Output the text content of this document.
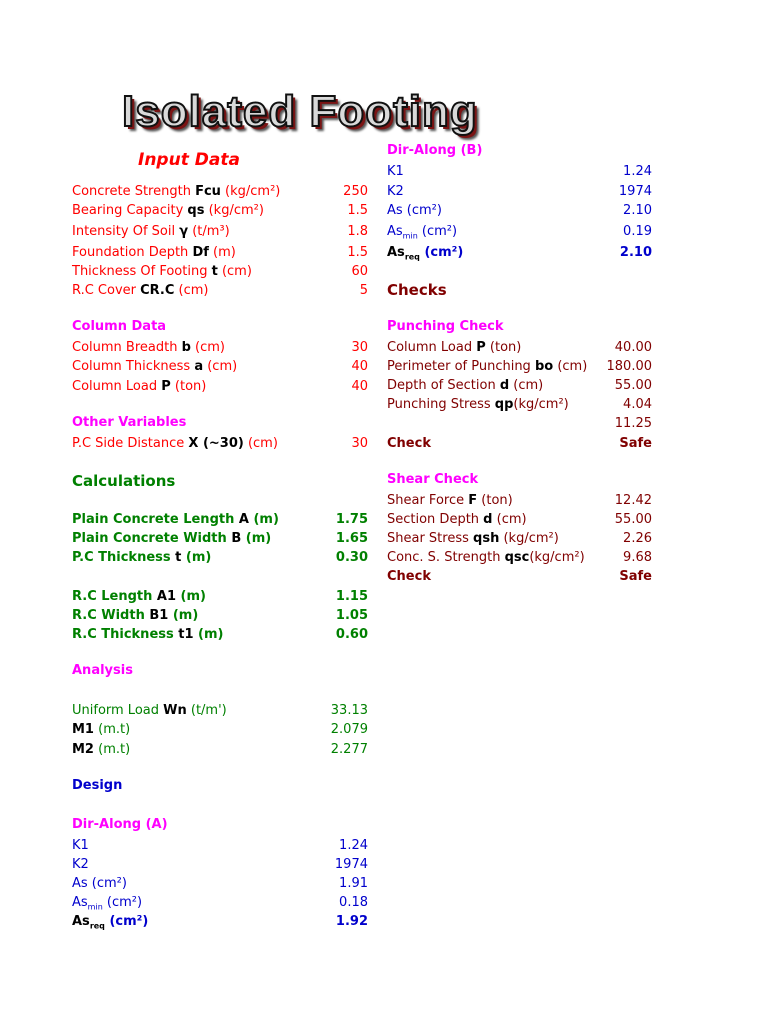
Isolated Footing
Input Data
Concrete Strength Fcu (kg/cm²)	250
Bearing Capacity qs (kg/cm²)	1.5
Intensity Of Soil γ (t/m³)	1.8
Foundation Depth Df (m)	1.5
Thickness Of Footing t (cm)	60
R.C Cover CR.C (cm)	5
Column Data
Column Breadth b (cm)	30
Column Thickness a (cm)	40
Column Load P (ton)	40
Other Variables
P.C Side Distance X (~30) (cm)	30
Calculations
Plain Concrete Length A (m)	1.75
Plain Concrete Width B (m)	1.65
P.C Thickness t (m)	0.30
R.C Length A1 (m)	1.15
R.C Width B1 (m)	1.05
R.C Thickness t1 (m)	0.60
Analysis
Uniform Load Wn (t/m')	33.13
M1 (m.t)	2.079
M2 (m.t)	2.277
Design
Dir-Along (A)
K1	1.24
K2	1974
As (cm²)	1.91
$As_{min}$ (cm²)	0.18
$As_{req}$ (cm²)	1.92
Dir-Along (B)
K1	1.24
K2	1974
As (cm²)	2.10
$As_{min}$ (cm²)	0.19
$As_{req}$ (cm²)	2.10
Checks
Punching Check
Column Load P (ton)	40.00
Perimeter of Punching bo (cm)	180.00
Depth of Section d (cm)	55.00
Punching Stress qp(kg/cm²)	4.04
11.25
Check	Safe
Shear Check
Shear Force F (ton)	12.42
Section Depth d (cm)	55.00
Shear Stress qsh (kg/cm²)	2.26
Conc. S. Strength qsc(kg/cm²)	9.68
Check	Safe
